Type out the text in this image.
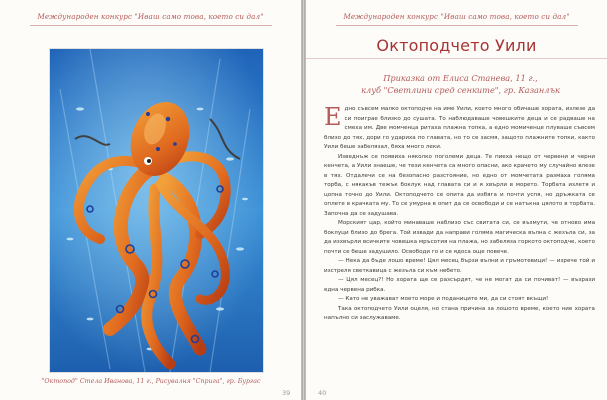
Международен конкурс "Иваш само това, което си дал"
"Октопод" Стела Иванова, 11 г., Рисувалня "Сприга", гр. Бургас
39
Международен конкурс "Иваш само това, което си дал"
Октоподчето Уили
Приказка от Елиса Станева, 11 г.,
клуб "Светлини сред сенките", гр. Казанлък

Едно съвсем малко октоподче на име Уили, което много обичаше хората, излезе да си поиграе близко до сушата. То наблюдаваше човешките деца и се радваше на смеха им. Две момченца ритаха плажна топка, а едно момиченце плуваше съвсем близо до тях, дори го удариха по главата, но то се засмя, защото плажните топки, както Уили беше забелязал, бяха много леки.

Изведнъж се появиха няколко поголеми деца. Те пиеха нещо от червени и черни кенчета, а Уили знаеше, че тези кенчета са много опасни, ако крачето му случайно влезе в тях. Отдалечи се на безопасно разстояние, но едно от момчетата размаха голяма торба, с някакъв тежък боклук над главата си и я хвърли в морето. Торбата излетя и цопна точно до Уили. Октоподчето се опита да избяга и почти успя, но дръжката се оплете в крачката му. То се умурна в опит да се освободи и се натъкна цялото в торбата. Започна да се задушава.

Морският цар, който минаваше наблизо със свитата си, се възмути, че отново има боклуци близо до брега. Той извади да направи голяма магическа вълна с жезъла си, за да изхвърли всичките човешка мръсотия на плажа, но забеляза горкото октоподче, което почти се беше задушило. Освободи го и се ядоса още повече.

— Нека да бъде лошо време! Цял месец бързи вълни и гръмотевици! — изрече той и изстреля светкавица с жезъла си към небето.

— Цял месец?! Но хората ще се разсърдят, че не могат да си почиват! — възрази една червена рибка.

— Като не уважават моето море и поданиците ми, да си стоят вкъщи!

Така октоподчето Уили оцеля, но стана причина за лошото време, което ние хората напълно си заслужаваме.

40
